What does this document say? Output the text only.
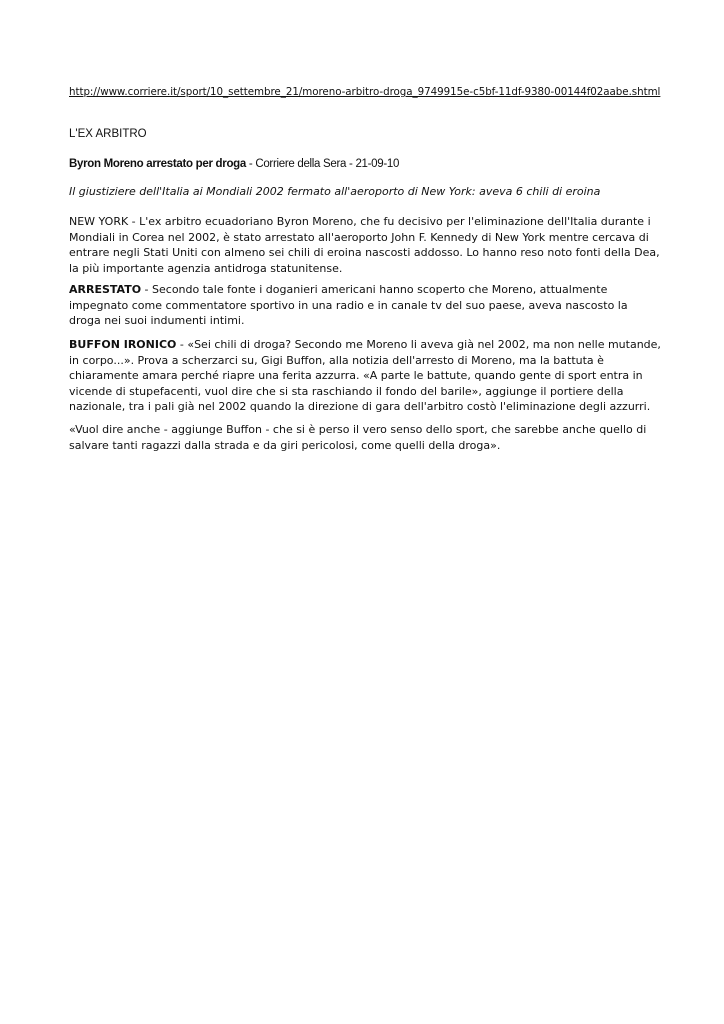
http://www.corriere.it/sport/10_settembre_21/moreno-arbitro-droga_9749915e-c5bf-11df-9380-00144f02aabe.shtml
L'EX ARBITRO
Byron Moreno arrestato per droga - Corriere della Sera - 21-09-10
Il giustiziere dell'Italia ai Mondiali 2002 fermato all'aeroporto di New York: aveva 6 chili di eroina

NEW YORK - L'ex arbitro ecuadoriano Byron Moreno, che fu decisivo per l'eliminazione dell'Italia durante i Mondiali in Corea nel 2002, è stato arrestato all'aeroporto John F. Kennedy di New York mentre cercava di entrare negli Stati Uniti con almeno sei chili di eroina nascosti addosso. Lo hanno reso noto fonti della Dea, la più importante agenzia antidroga statunitense.

ARRESTATO - Secondo tale fonte i doganieri americani hanno scoperto che Moreno, attualmente impegnato come commentatore sportivo in una radio e in canale tv del suo paese, aveva nascosto la droga nei suoi indumenti intimi.

BUFFON IRONICO - «Sei chili di droga? Secondo me Moreno li aveva già nel 2002, ma non nelle mutande, in corpo...». Prova a scherzarci su, Gigi Buffon, alla notizia dell'arresto di Moreno, ma la battuta è chiaramente amara perché riapre una ferita azzurra. «A parte le battute, quando gente di sport entra in vicende di stupefacenti, vuol dire che si sta raschiando il fondo del barile», aggiunge il portiere della nazionale, tra i pali già nel 2002 quando la direzione di gara dell'arbitro costò l'eliminazione degli azzurri.

«Vuol dire anche - aggiunge Buffon - che si è perso il vero senso dello sport, che sarebbe anche quello di salvare tanti ragazzi dalla strada e da giri pericolosi, come quelli della droga».
